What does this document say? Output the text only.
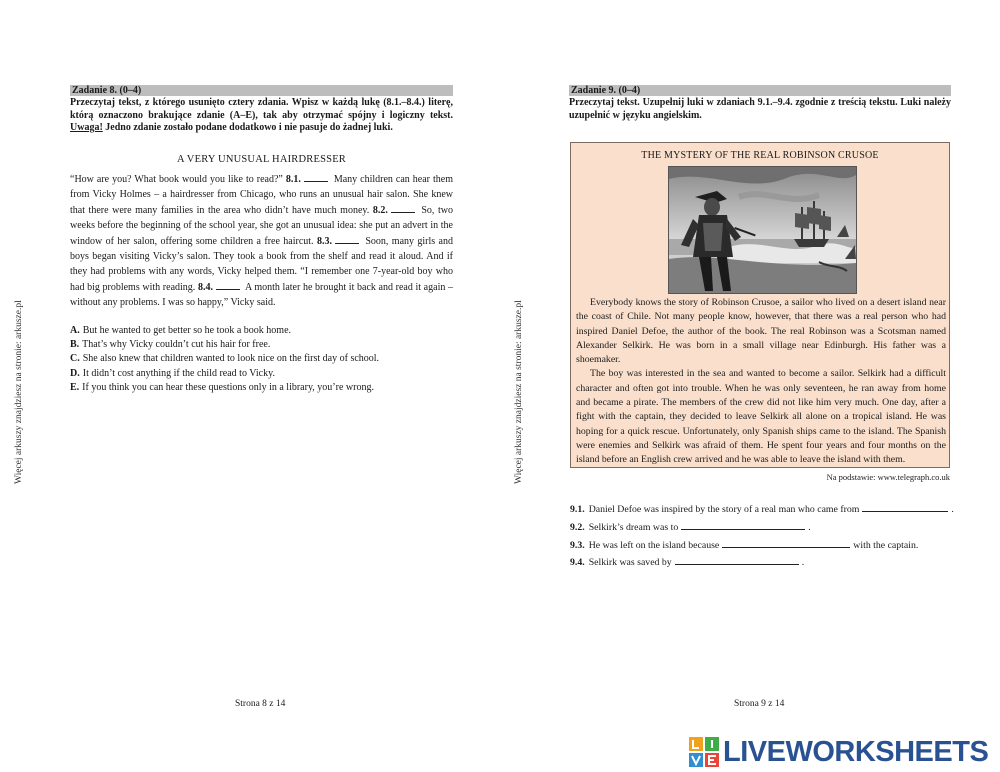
Więcej arkuszy znajdziesz na stronie: arkusze.pl
Zadanie 8. (0–4)
Przeczytaj tekst, z którego usunięto cztery zdania. Wpisz w każdą lukę (8.1.–8.4.) literę, którą oznaczono brakujące zdanie (A–E), tak aby otrzymać spójny i logiczny tekst. Uwaga! Jedno zdanie zostało podane dodatkowo i nie pasuje do żadnej luki.
A VERY UNUSUAL HAIRDRESSER
“How are you? What book would you like to read?” 8.1.	Many children can hear them from Vicky Holmes – a hairdresser from Chicago, who runs an unusual hair salon. She knew that there were many families in the area who didn’t have much money. 8.2.	So, two weeks before the beginning of the school year, she got an unusual idea: she put an advert in the window of her salon, offering some children a free haircut. 8.3.	Soon, many girls and boys began visiting Vicky’s salon. They took a book from the shelf and read it aloud. And if they had problems with any words, Vicky helped them. “I remember one 7-year-old boy who had big problems with reading. 8.4.	A month later he brought it back and read it again – without any problems. I was so happy,” Vicky said.
A. But he wanted to get better so he took a book home.
B. That’s why Vicky couldn’t cut his hair for free.
C. She also knew that children wanted to look nice on the first day of school.
D. It didn’t cost anything if the child read to Vicky.
E. If you think you can hear these questions only in a library, you’re wrong.
Strona 8 z 14
Więcej arkuszy znajdziesz na stronie: arkusze.pl
Zadanie 9. (0–4)
Przeczytaj tekst. Uzupełnij luki w zdaniach 9.1.–9.4. zgodnie z treścią tekstu. Luki należy uzupełnić w języku angielskim.
THE MYSTERY OF THE REAL ROBINSON CRUSOE

Everybody knows the story of Robinson Crusoe, a sailor who lived on a desert island near the coast of Chile. Not many people know, however, that there was a real person who had inspired Daniel Defoe, the author of the book. The real Robinson was a Scotsman named Alexander Selkirk. He was born in a small village near Edinburgh. His father was a shoemaker.

The boy was interested in the sea and wanted to become a sailor. Selkirk had a difficult character and often got into trouble. When he was only seventeen, he ran away from home and became a pirate. The members of the crew did not like him very much. One day, after a fight with the captain, they decided to leave Selkirk all alone on a tropical island. He was hoping for a quick rescue. Unfortunately, only Spanish ships came to the island. The Spanish were enemies and Selkirk was afraid of them. He spent four years and four months on the island before an English crew arrived and he was able to leave the island with them.

Na podstawie: www.telegraph.co.uk
9.1. Daniel Defoe was inspired by the story of a real man who came from	.
9.2. Selkirk’s dream was to	.
9.3. He was left on the island because	with the captain.
9.4. Selkirk was saved by	.
Strona 9 z 14
LIVEWORKSHEETS
